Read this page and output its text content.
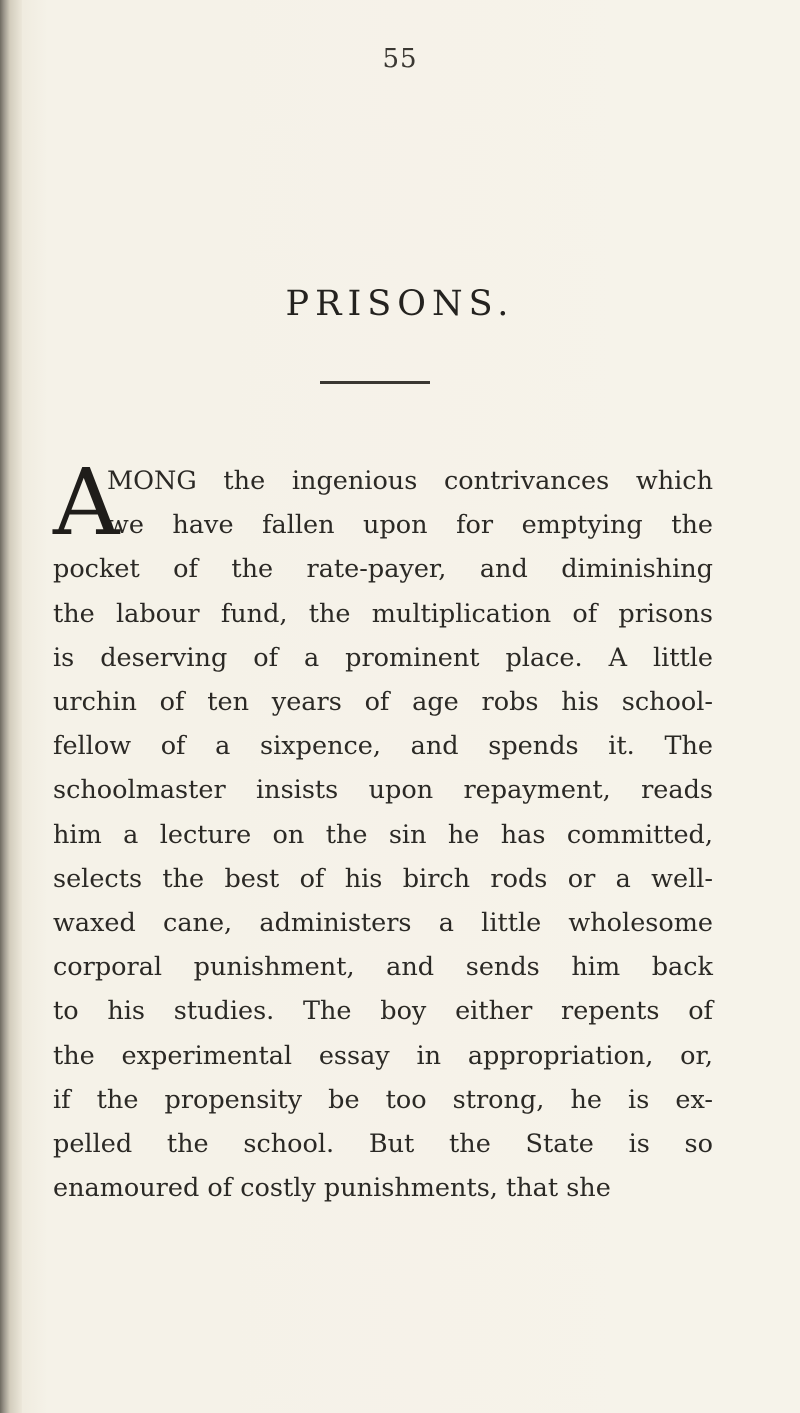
55
PRISONS.
A
MONG the ingenious contrivances which
we have fallen upon for emptying the
pocket of the rate-payer, and diminishing
the labour fund, the multiplication of prisons
is deserving of a prominent place. A little
urchin of ten years of age robs his school-
fellow of a sixpence, and spends it. The
schoolmaster insists upon repayment, reads
him a lecture on the sin he has committed,
selects the best of his birch rods or a well-
waxed cane, administers a little wholesome
corporal punishment, and sends him back
to his studies. The boy either repents of
the experimental essay in appropriation, or,
if the propensity be too strong, he is ex-
pelled the school. But the State is so
enamoured of costly punishments, that she
